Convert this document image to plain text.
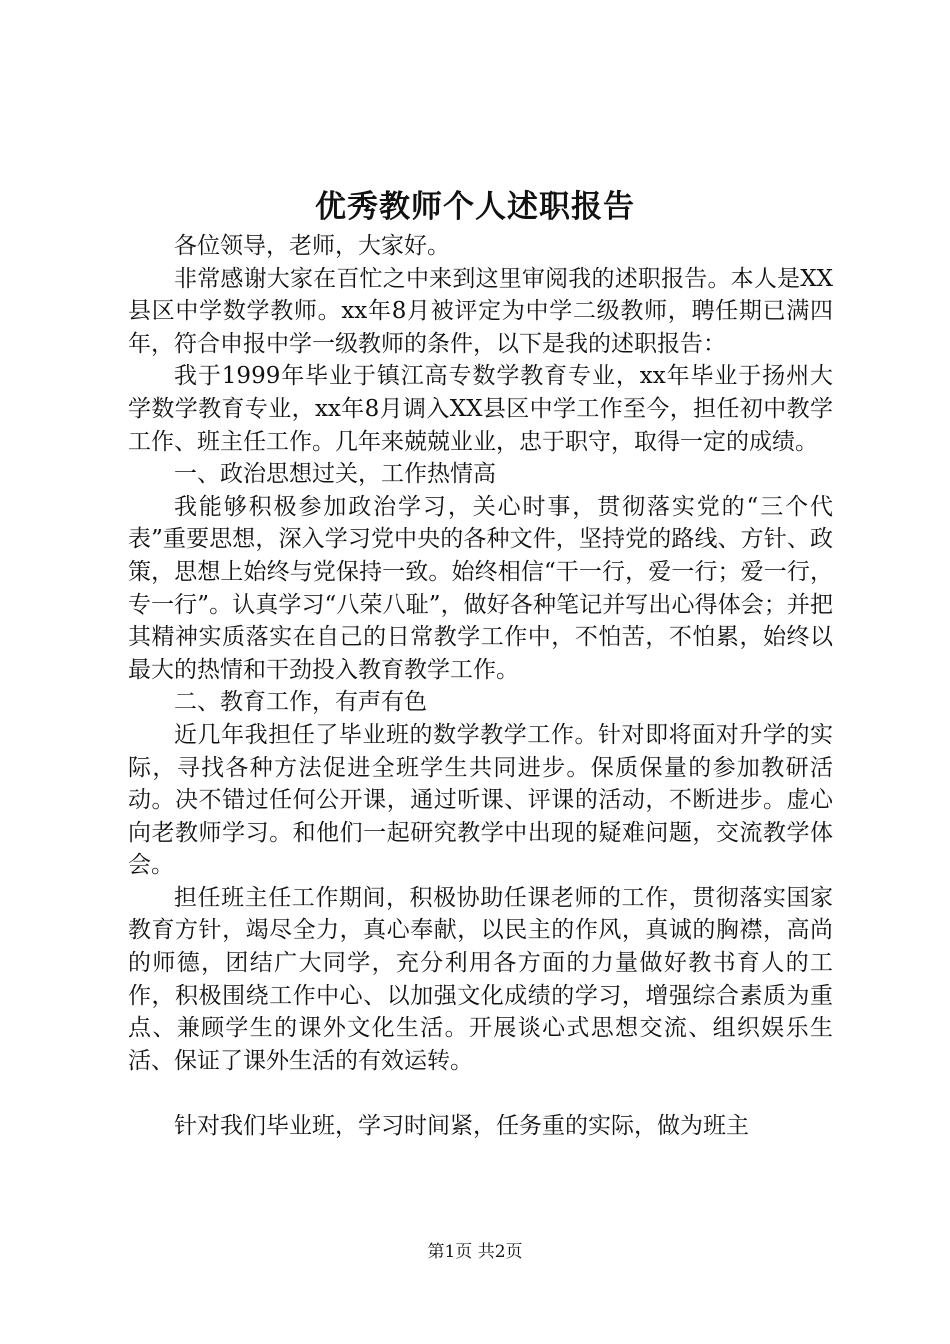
优秀教师个人述职报告

各位领导，老师，大家好。

非常感谢大家在百忙之中来到这里审阅我的述职报告。本人是XX县区中学数学教师。xx年8月被评定为中学二级教师，聘任期已满四年，符合申报中学一级教师的条件，以下是我的述职报告：

我于1999年毕业于镇江高专数学教育专业，xx年毕业于扬州大学数学教育专业，xx年8月调入XX县区中学工作至今，担任初中教学工作、班主任工作。几年来兢兢业业，忠于职守，取得一定的成绩。

一、政治思想过关，工作热情高

我能够积极参加政治学习，关心时事，贯彻落实党的“三个代表”重要思想，深入学习党中央的各种文件，坚持党的路线、方针、政策，思想上始终与党保持一致。始终相信“干一行，爱一行；爱一行，专一行”。认真学习“八荣八耻”，做好各种笔记并写出心得体会；并把其精神实质落实在自己的日常教学工作中，不怕苦，不怕累，始终以最大的热情和干劲投入教育教学工作。

二、教育工作，有声有色

近几年我担任了毕业班的数学教学工作。针对即将面对升学的实际，寻找各种方法促进全班学生共同进步。保质保量的参加教研活动。决不错过任何公开课，通过听课、评课的活动，不断进步。虚心向老教师学习。和他们一起研究教学中出现的疑难问题，交流教学体会。

担任班主任工作期间，积极协助任课老师的工作，贯彻落实国家教育方针，竭尽全力，真心奉献，以民主的作风，真诚的胸襟，高尚的师德，团结广大同学，充分利用各方面的力量做好教书育人的工作，积极围绕工作中心、以加强文化成绩的学习，增强综合素质为重点、兼顾学生的课外文化生活。开展谈心式思想交流、组织娱乐生活、保证了课外生活的有效运转。

针对我们毕业班，学习时间紧，任务重的实际，做为班主

第1页 共2页
